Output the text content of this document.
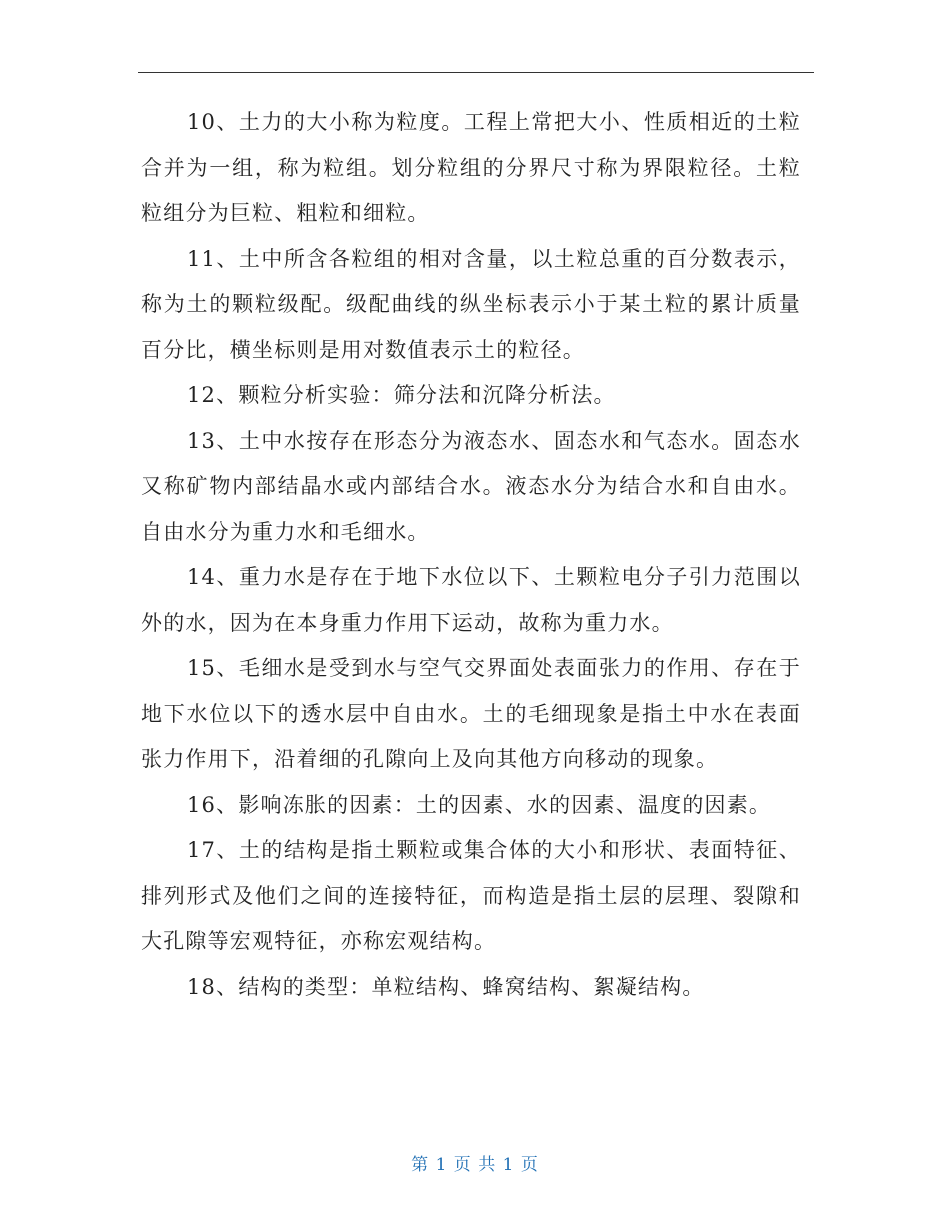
10、土力的大小称为粒度。工程上常把大小、性质相近的土粒合并为一组，称为粒组。划分粒组的分界尺寸称为界限粒径。土粒粒组分为巨粒、粗粒和细粒。

11、土中所含各粒组的相对含量，以土粒总重的百分数表示，称为土的颗粒级配。级配曲线的纵坐标表示小于某土粒的累计质量百分比，横坐标则是用对数值表示土的粒径。

12、颗粒分析实验：筛分法和沉降分析法。

13、土中水按存在形态分为液态水、固态水和气态水。固态水又称矿物内部结晶水或内部结合水。液态水分为结合水和自由水。自由水分为重力水和毛细水。

14、重力水是存在于地下水位以下、土颗粒电分子引力范围以外的水，因为在本身重力作用下运动，故称为重力水。

15、毛细水是受到水与空气交界面处表面张力的作用、存在于地下水位以下的透水层中自由水。土的毛细现象是指土中水在表面张力作用下，沿着细的孔隙向上及向其他方向移动的现象。

16、影响冻胀的因素：土的因素、水的因素、温度的因素。

17、土的结构是指土颗粒或集合体的大小和形状、表面特征、排列形式及他们之间的连接特征，而构造是指土层的层理、裂隙和大孔隙等宏观特征，亦称宏观结构。

18、结构的类型：单粒结构、蜂窝结构、絮凝结构。

第 1 页 共 1 页
